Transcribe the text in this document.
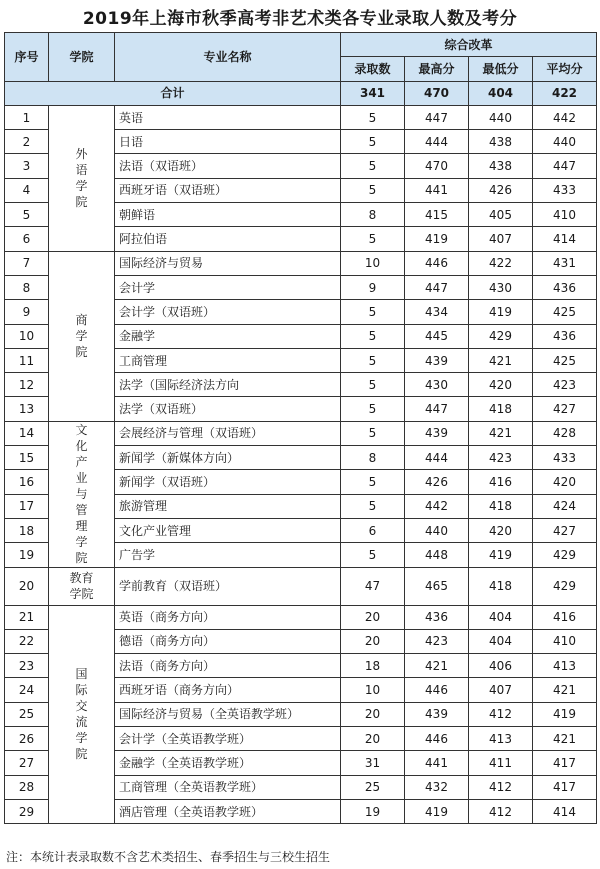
2019年上海市秋季高考非艺术类各专业录取人数及考分
序号	学院	专业名称	综合改革			
			录取数	最高分	最低分	平均分
合计			341	470	404	422
1	外语学院	英语	5	447	440	442
2		日语	5	444	438	440
3		法语（双语班）	5	470	438	447
4		西班牙语（双语班）	5	441	426	433
5		朝鲜语	8	415	405	410
6		阿拉伯语	5	419	407	414
7	商学院	国际经济与贸易	10	446	422	431
8		会计学	9	447	430	436
9		会计学（双语班）	5	434	419	425
10		金融学	5	445	429	436
11		工商管理	5	439	421	425
12		法学（国际经济法方向	5	430	420	423
13		法学（双语班）	5	447	418	427
14	文化产业与管理学院	会展经济与管理（双语班）	5	439	421	428
15		新闻学（新媒体方向）	8	444	423	433
16		新闻学（双语班）	5	426	416	420
17		旅游管理	5	442	418	424
18		文化产业管理	6	440	420	427
19		广告学	5	448	419	429
20	教育学院	学前教育（双语班）	47	465	418	429
21	国际交流学院	英语（商务方向）	20	436	404	416
22		德语（商务方向）	20	423	404	410
23		法语（商务方向）	18	421	406	413
24		西班牙语（商务方向）	10	446	407	421
25		国际经济与贸易（全英语教学班）	20	439	412	419
26		会计学（全英语教学班）	20	446	413	421
27		金融学（全英语教学班）	31	441	411	417
28		工商管理（全英语教学班）	25	432	412	417
29		酒店管理（全英语教学班）	19	419	412	414
注：本统计表录取数不含艺术类招生、春季招生与三校生招生
